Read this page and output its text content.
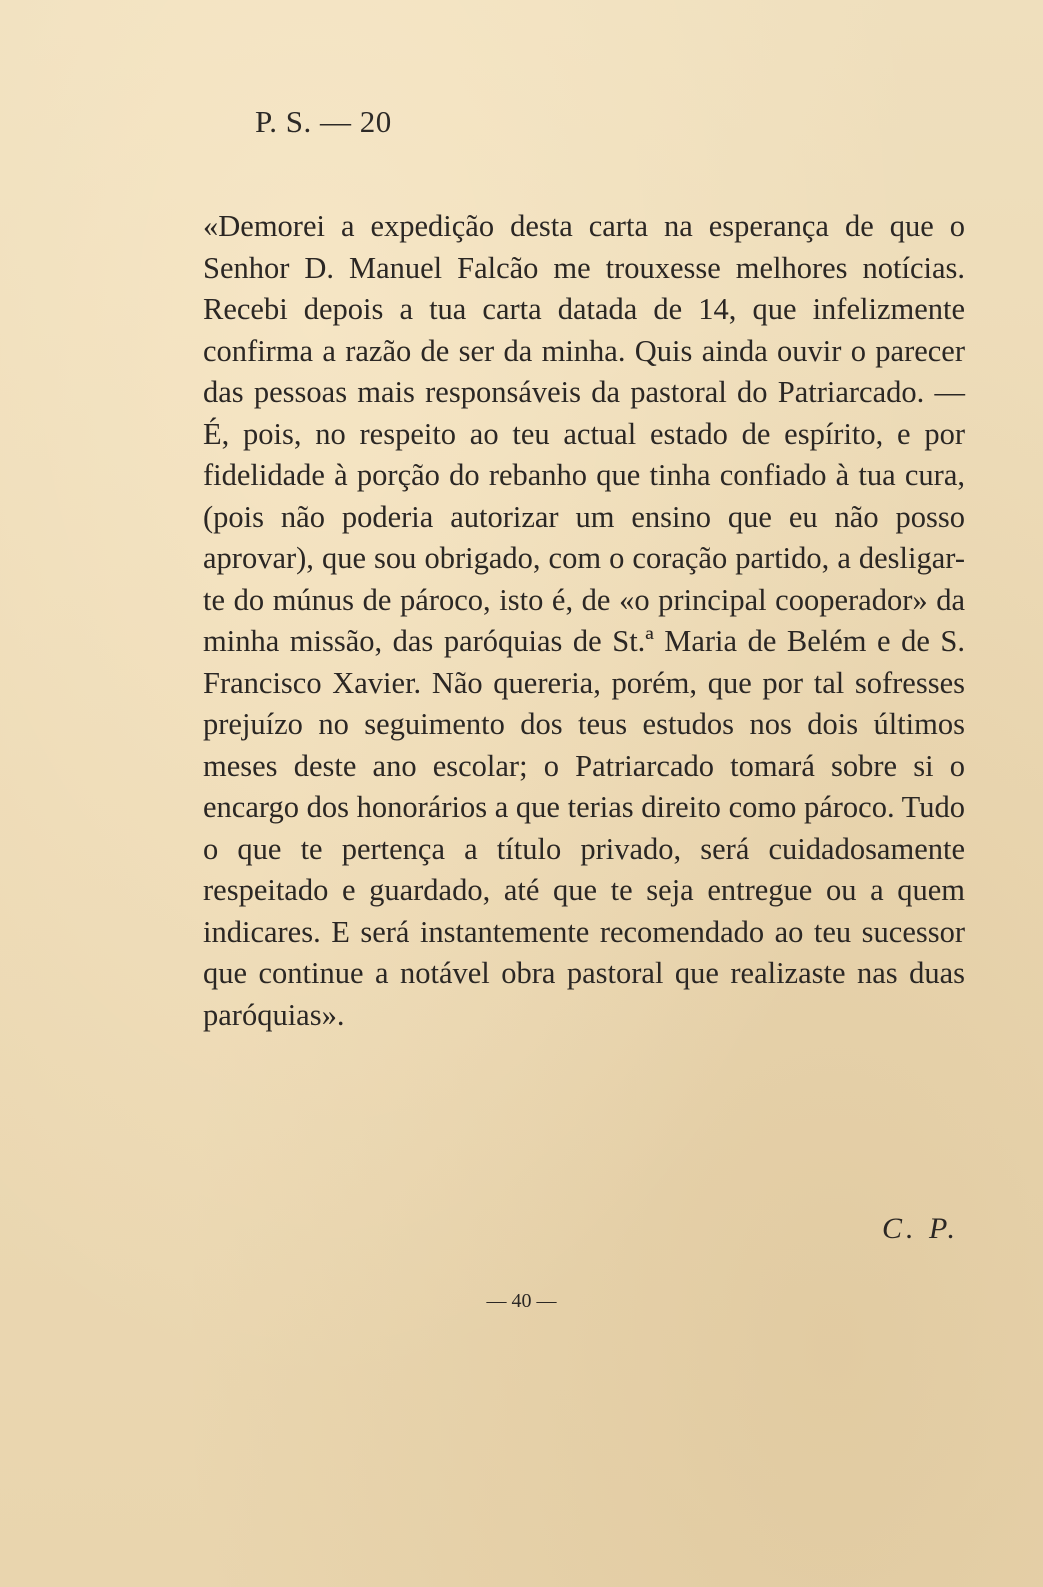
P. S. — 20

«Demorei a expedição desta carta na esperança de que o Senhor D. Manuel Falcão me trouxesse melhores notícias. Recebi depois a tua carta datada de 14, que infelizmente confirma a razão de ser da minha. Quis ainda ouvir o parecer das pessoas mais responsáveis da pastoral do Patriarcado. — É, pois, no respeito ao teu actual estado de espírito, e por fidelidade à porção do rebanho que tinha confiado à tua cura, (pois não poderia autorizar um ensino que eu não posso aprovar), que sou obrigado, com o coração partido, a desligar-te do múnus de pároco, isto é, de «o principal cooperador» da minha missão, das paróquias de St.ª Maria de Belém e de S. Francisco Xavier. Não quereria, porém, que por tal sofresses prejuízo no seguimento dos teus estudos nos dois últimos meses deste ano escolar; o Patriarcado tomará sobre si o encargo dos honorários a que terias direito como pároco. Tudo o que te pertença a título privado, será cuidadosamente respeitado e guardado, até que te seja entregue ou a quem indicares. E será instantemente recomendado ao teu sucessor que continue a notável obra pastoral que realizaste nas duas paróquias».

C. P.
— 40 —
